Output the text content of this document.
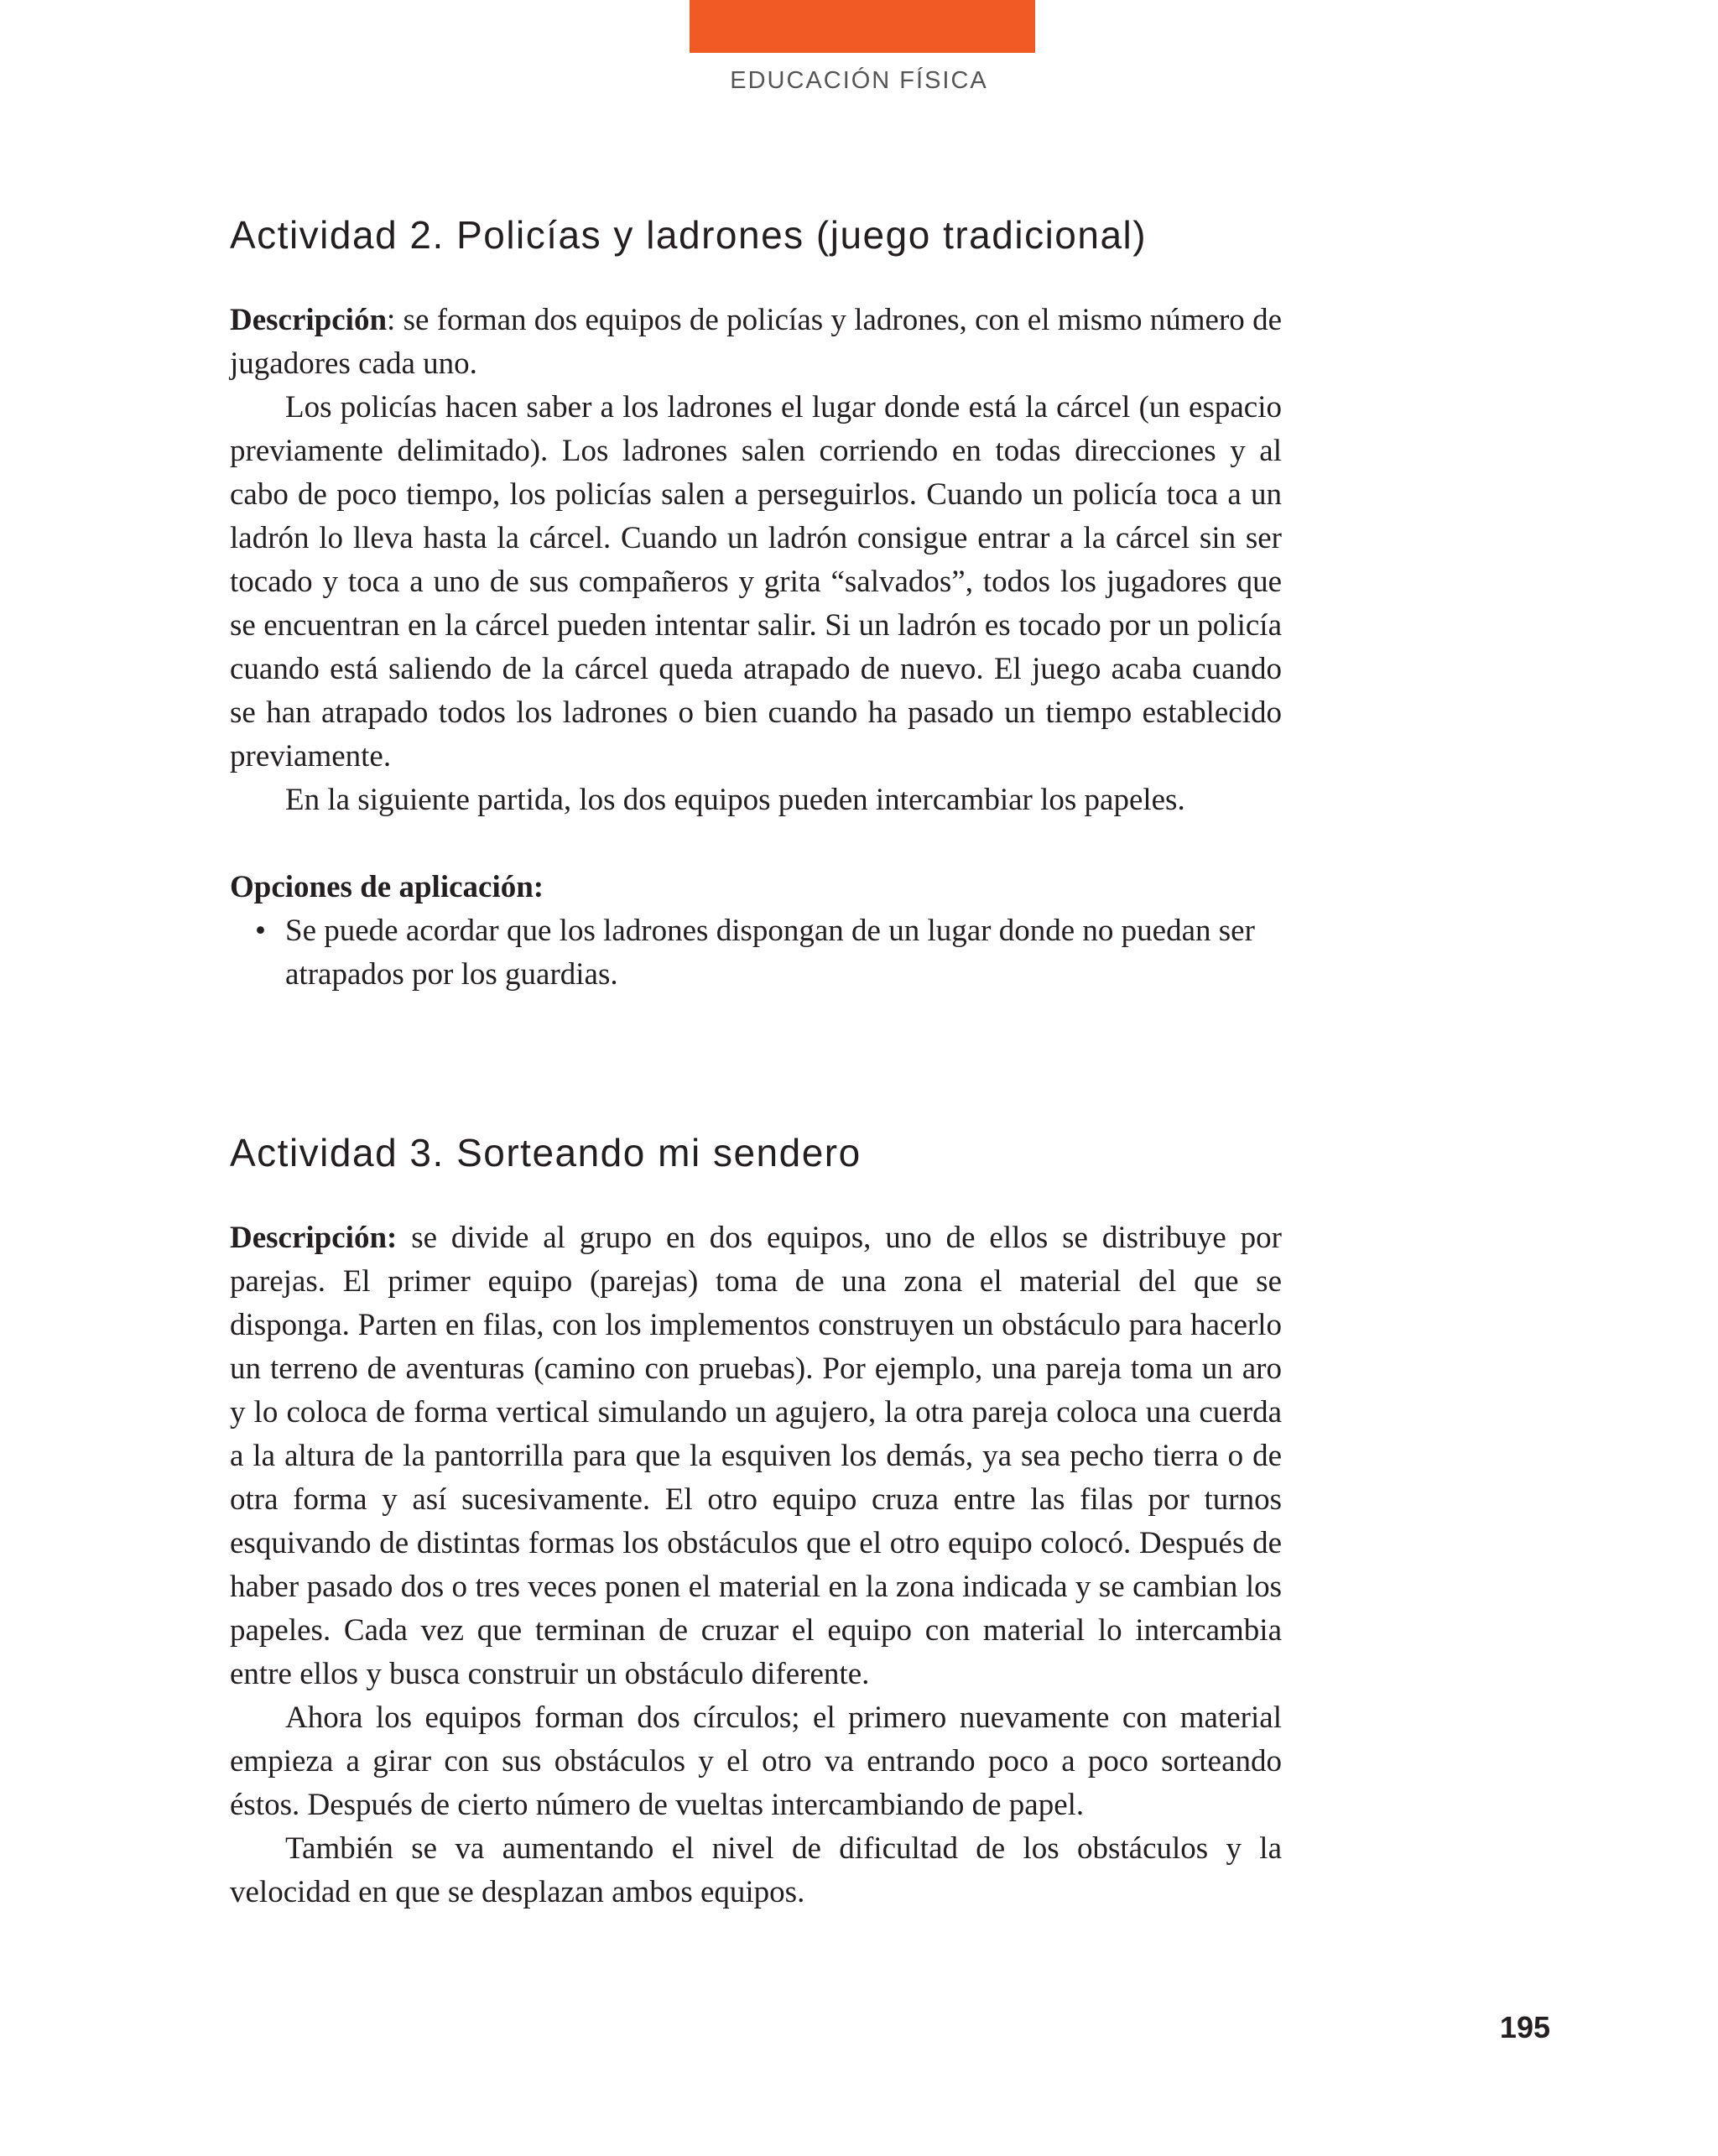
EDUCACIÓN FÍSICA
Actividad 2. Policías y ladrones (juego tradicional)

Descripción: se forman dos equipos de policías y ladrones, con el mismo número de jugadores cada uno.

Los policías hacen saber a los ladrones el lugar donde está la cárcel (un espacio previamente delimitado). Los ladrones salen corriendo en todas direcciones y al cabo de poco tiempo, los policías salen a perseguirlos. Cuando un policía toca a un ladrón lo lleva hasta la cárcel. Cuando un ladrón consigue entrar a la cárcel sin ser tocado y toca a uno de sus compañeros y grita “salvados”, todos los jugadores que se encuentran en la cárcel pueden intentar salir. Si un ladrón es tocado por un policía cuando está saliendo de la cárcel queda atrapado de nuevo. El juego acaba cuando se han atrapado todos los ladrones o bien cuando ha pasado un tiempo establecido previamente.

En la siguiente partida, los dos equipos pueden intercambiar los papeles.

Opciones de aplicación:

• Se puede acordar que los ladrones dispongan de un lugar donde no puedan ser atrapados por los guardias.
Actividad 3. Sorteando mi sendero

Descripción: se divide al grupo en dos equipos, uno de ellos se distribuye por parejas. El primer equipo (parejas) toma de una zona el material del que se disponga. Parten en filas, con los implementos construyen un obstáculo para hacerlo un terreno de aventuras (camino con pruebas). Por ejemplo, una pareja toma un aro y lo coloca de forma vertical simulando un agujero, la otra pareja coloca una cuerda a la altura de la pantorrilla para que la esquiven los demás, ya sea pecho tierra o de otra forma y así sucesivamente. El otro equipo cruza entre las filas por turnos esquivando de distintas formas los obstáculos que el otro equipo colocó. Después de haber pasado dos o tres veces ponen el material en la zona indicada y se cambian los papeles. Cada vez que terminan de cruzar el equipo con material lo intercambia entre ellos y busca construir un obstáculo diferente.

Ahora los equipos forman dos círculos; el primero nuevamente con material empieza a girar con sus obstáculos y el otro va entrando poco a poco sorteando éstos. Después de cierto número de vueltas intercambiando de papel.

También se va aumentando el nivel de dificultad de los obstáculos y la velocidad en que se desplazan ambos equipos.

195
